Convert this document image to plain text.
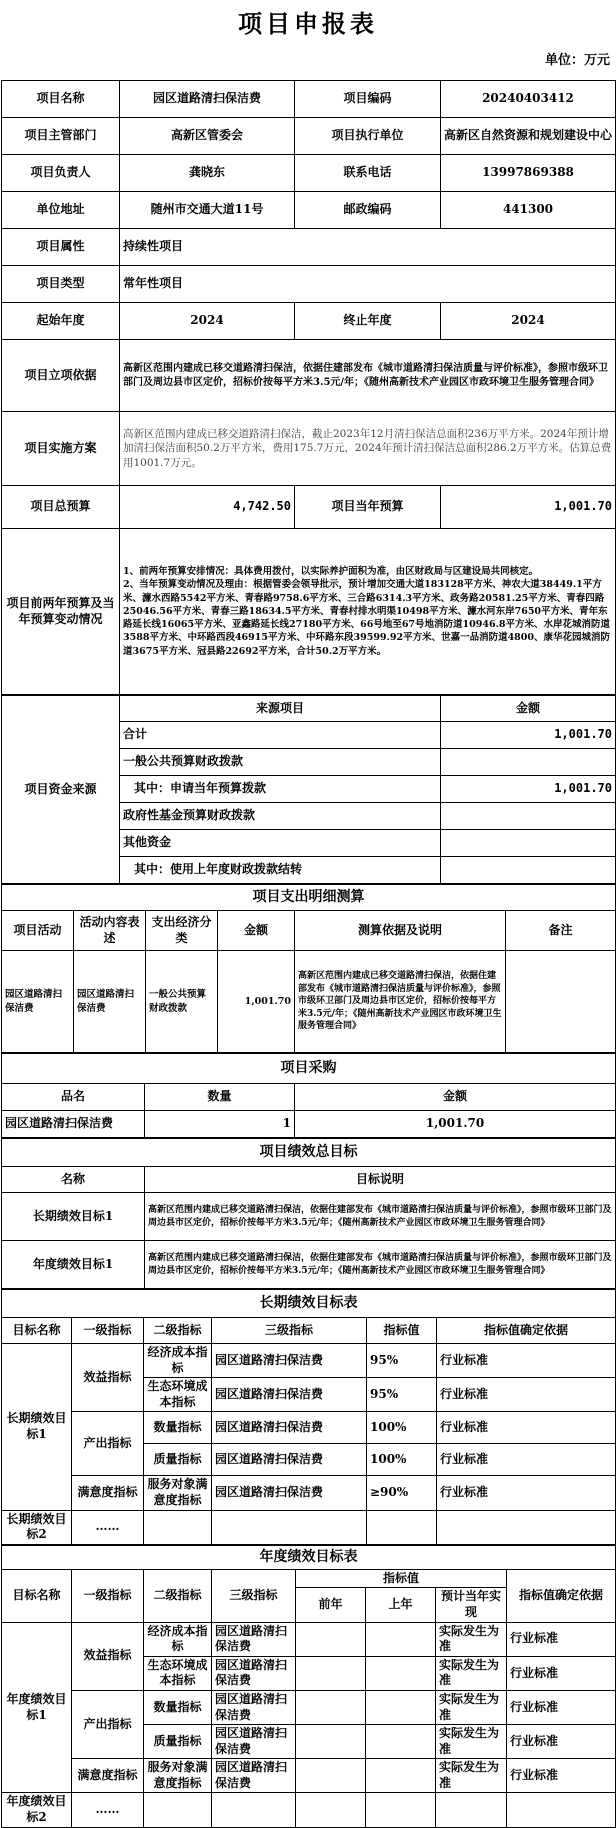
项目申报表
单位：万元
项目名称	园区道路清扫保洁费	项目编码	20240403412
项目主管部门	高新区管委会	项目执行单位	高新区自然资源和规划建设中心
项目负责人	龚晓东	联系电话	13997869388
单位地址	随州市交通大道11号	邮政编码	441300
项目属性	持续性项目		
项目类型	常年性项目		
起始年度	2024	终止年度	2024
项目立项依据	高新区范围内建成已移交道路清扫保洁，依据住建部发布《城市道路清扫保洁质量与评价标准》，参照市级环卫部门及周边县市区定价，招标价按每平方米3.5元/年；《随州高新技术产业园区市政环境卫生服务管理合同》		
项目实施方案	高新区范围内建成已移交道路清扫保洁，截止2023年12月清扫保洁总面积236万平方米。2024年预计增加清扫保洁面积50.2万平方米，费用175.7万元，2024年预计清扫保洁总面积286.2万平方米。估算总费用1001.7万元。		
项目总预算	4,742.50	项目当年预算	1,001.70
项目前两年预算及当年预算变动情况	1、前两年预算安排情况：具体费用拨付，以实际养护面积为准，由区财政局与区建设局共同核定。
2、当年预算变动情况及理由：根据管委会领导批示，预计增加交通大道183128平方米、神农大道38449.1平方米、濂水西路5542平方米、青春路9758.6平方米、三合路6314.3平方米、政务路20581.25平方米、青春四路25046.56平方米、青春三路18634.5平方米、青春村排水明渠10498平方米、濂水河东岸7650平方米、青年东路延长线16065平方米、亚鑫路延长线27180平方米、66号地至67号地消防道10946.8平方米、水岸花城消防道3588平方米、中环路西段46915平方米、中环路东段39599.92平方米、世嘉一品消防道4800、康华花园城消防道3675平方米、冠县路22692平方米，合计50.2万平方米。		
项目资金来源	来源项目	金额
	合计	1,001.70
	一般公共预算财政拨款	
	其中：申请当年预算拨款	1,001.70
	政府性基金预算财政拨款	
	其他资金	
	其中：使用上年度财政拨款结转	
项目支出明细测算					
项目活动	活动内容表述	支出经济分类	金额	测算依据及说明	备注
园区道路清扫保洁费	园区道路清扫保洁费	一般公共预算财政拨款	1,001.70	高新区范围内建成已移交道路清扫保洁，依据住建部发布《城市道路清扫保洁质量与评价标准》，参照市级环卫部门及周边县市区定价，招标价按每平方米3.5元/年；《随州高新技术产业园区市政环境卫生服务管理合同》	
项目采购		
品名	数量	金额
园区道路清扫保洁费	1	1,001.70
项目绩效总目标	
名称	目标说明
长期绩效目标1	高新区范围内建成已移交道路清扫保洁，依据住建部发布《城市道路清扫保洁质量与评价标准》，参照市级环卫部门及周边县市区定价，招标价按每平方米3.5元/年；《随州高新技术产业园区市政环境卫生服务管理合同》
年度绩效目标1	高新区范围内建成已移交道路清扫保洁，依据住建部发布《城市道路清扫保洁质量与评价标准》，参照市级环卫部门及周边县市区定价，招标价按每平方米3.5元/年；《随州高新技术产业园区市政环境卫生服务管理合同》
长期绩效目标表					
目标名称	一级指标	二级指标	三级指标	指标值	指标值确定依据
长期绩效目标1	效益指标	经济成本指标	园区道路清扫保洁费	95%	行业标准
		生态环境成本指标	园区道路清扫保洁费	95%	行业标准
	产出指标	数量指标	园区道路清扫保洁费	100%	行业标准
		质量指标	园区道路清扫保洁费	100%	行业标准
	满意度指标	服务对象满意度指标	园区道路清扫保洁费	≥90%	行业标准
长期绩效目标2	……				
年度绩效目标表							
目标名称	一级指标	二级指标	三级指标	指标值			指标值确定依据
				前年	上年	预计当年实现	
年度绩效目标1	效益指标	经济成本指标	园区道路清扫保洁费			实际发生为准	行业标准
		生态环境成本指标	园区道路清扫保洁费			实际发生为准	行业标准
	产出指标	数量指标	园区道路清扫保洁费			实际发生为准	行业标准
		质量指标	园区道路清扫保洁费			实际发生为准	行业标准
	满意度指标	服务对象满意度指标	园区道路清扫保洁费			实际发生为准	行业标准
年度绩效目标2	……						
